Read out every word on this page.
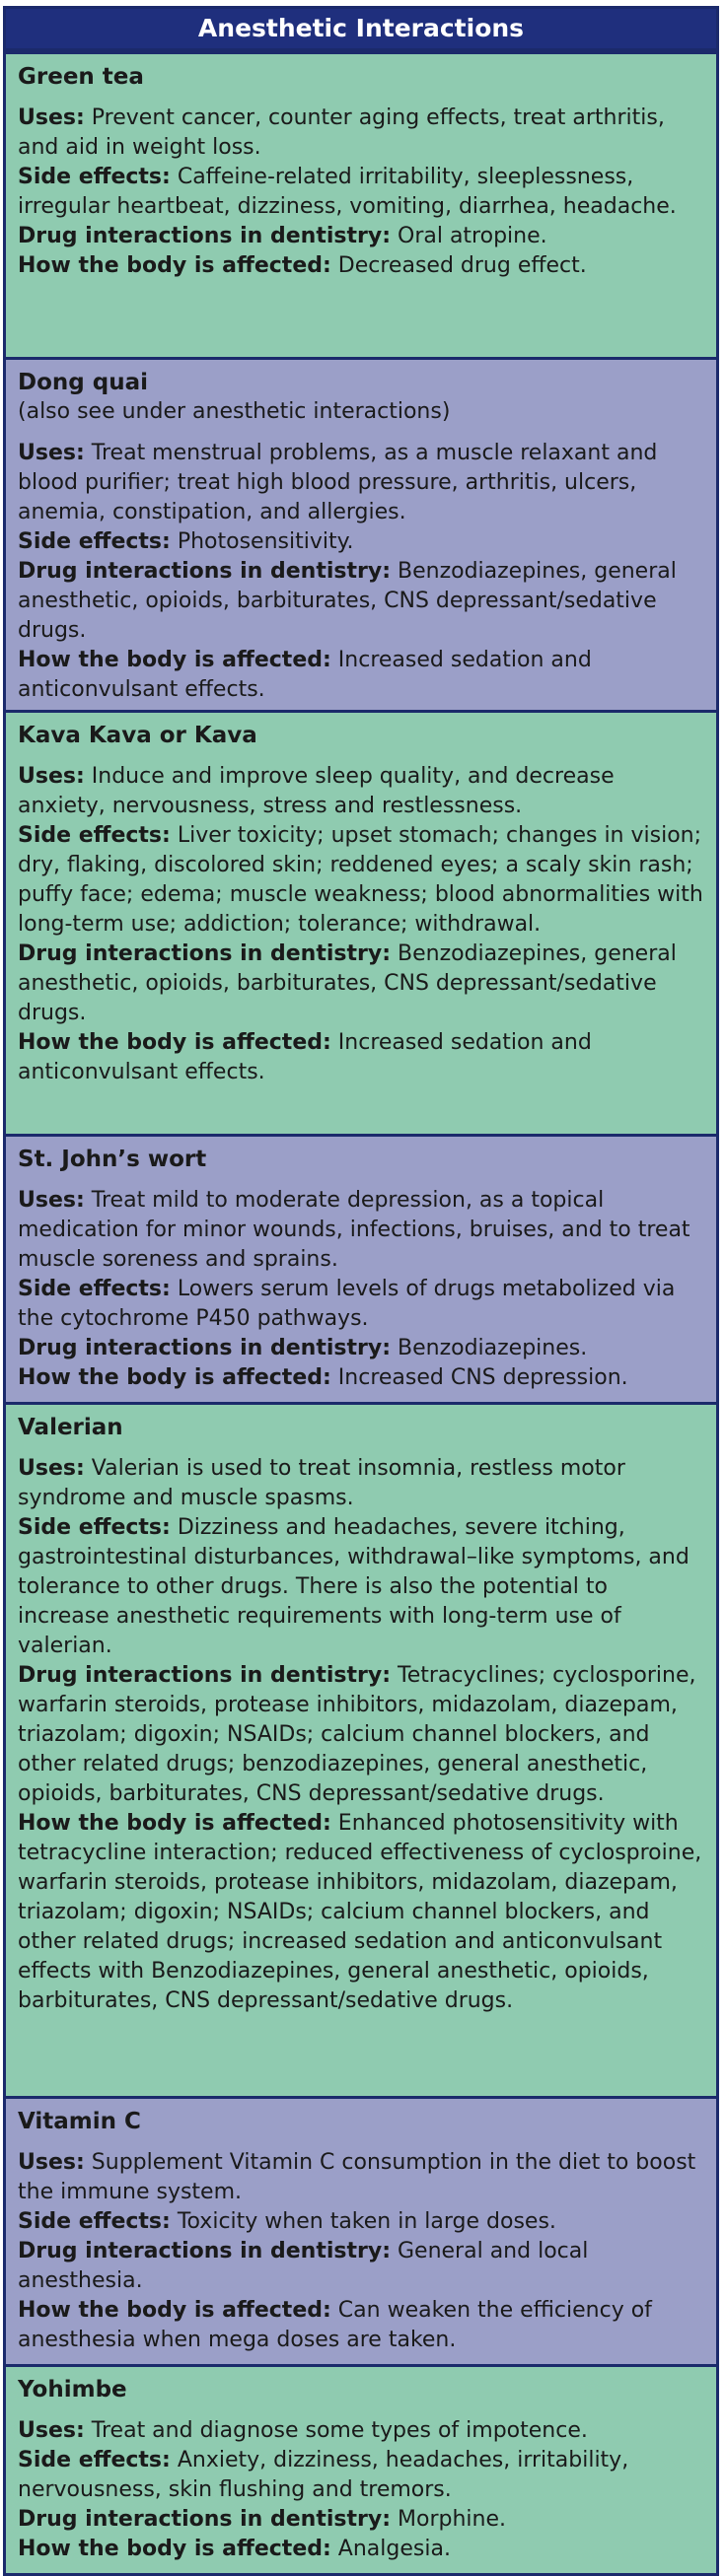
Anesthetic Interactions

Green tea

Uses: Prevent cancer, counter aging effects, treat arthritis, and aid in weight loss.

Side effects: Caffeine-related irritability, sleeplessness, irregular heartbeat, dizziness, vomiting, diarrhea, headache.

Drug interactions in dentistry: Oral atropine.

How the body is affected: Decreased drug effect.

Dong quai

(also see under anesthetic interactions)

Uses: Treat menstrual problems, as a muscle relaxant and blood purifier; treat high blood pressure, arthritis, ulcers, anemia, constipation, and allergies.

Side effects: Photosensitivity.

Drug interactions in dentistry: Benzodiazepines, general anesthetic, opioids, barbiturates, CNS depressant/sedative drugs.

How the body is affected: Increased sedation and anticonvulsant effects.

Kava Kava or Kava

Uses: Induce and improve sleep quality, and decrease anxiety, nervousness, stress and restlessness.

Side effects: Liver toxicity; upset stomach; changes in vision; dry, flaking, discolored skin; reddened eyes; a scaly skin rash; puffy face; edema; muscle weakness; blood abnormalities with long-term use; addiction; tolerance; withdrawal.

Drug interactions in dentistry: Benzodiazepines, general anesthetic, opioids, barbiturates, CNS depressant/sedative drugs.

How the body is affected: Increased sedation and anticonvulsant effects.

St. John’s wort

Uses: Treat mild to moderate depression, as a topical medication for minor wounds, infections, bruises, and to treat muscle soreness and sprains.

Side effects: Lowers serum levels of drugs metabolized via the cytochrome P450 pathways.

Drug interactions in dentistry: Benzodiazepines.

How the body is affected: Increased CNS depression.

Valerian

Uses: Valerian is used to treat insomnia, restless motor syndrome and muscle spasms.

Side effects: Dizziness and headaches, severe itching, gastrointestinal disturbances, withdrawal–like symptoms, and tolerance to other drugs. There is also the potential to increase anesthetic requirements with long-term use of valerian.

Drug interactions in dentistry: Tetracyclines; cyclosporine, warfarin steroids, protease inhibitors, midazolam, diazepam, triazolam; digoxin; NSAIDs; calcium channel blockers, and other related drugs; benzodiazepines, general anesthetic, opioids, barbiturates, CNS depressant/sedative drugs.

How the body is affected: Enhanced photosensitivity with tetracycline interaction; reduced effectiveness of cyclosproine, warfarin steroids, protease inhibitors, midazolam, diazepam, triazolam; digoxin; NSAIDs; calcium channel blockers, and other related drugs; increased sedation and anticonvulsant effects with Benzodiazepines, general anesthetic, opioids, barbiturates, CNS depressant/sedative drugs.

Vitamin C

Uses: Supplement Vitamin C consumption in the diet to boost the immune system.

Side effects: Toxicity when taken in large doses.

Drug interactions in dentistry: General and local anesthesia.

How the body is affected: Can weaken the efficiency of anesthesia when mega doses are taken.

Yohimbe

Uses: Treat and diagnose some types of impotence.

Side effects: Anxiety, dizziness, headaches, irritability, nervousness, skin flushing and tremors.

Drug interactions in dentistry: Morphine.

How the body is affected: Analgesia.
